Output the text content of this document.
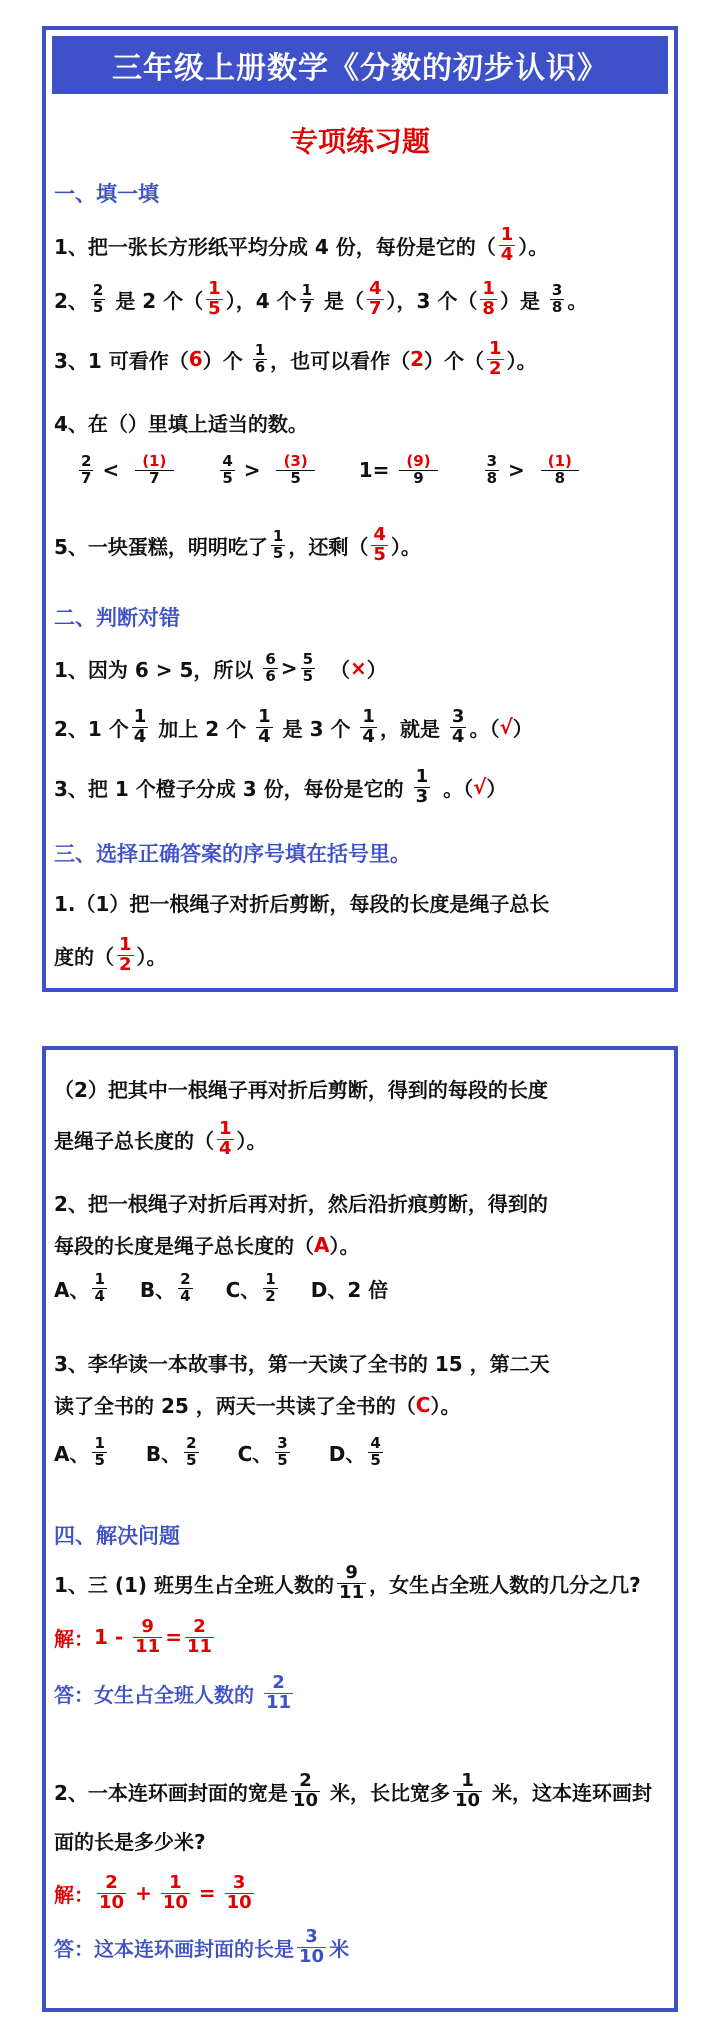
三年级上册数学《分数的初步认识》
专项练习题
一、填一填
1、把一张长方形纸平均分成 4 份，每份是它的（ $\frac{1}{4}$ ）。
2、 $\frac{2}{5}$ 是 2 个（ $\frac{1}{5}$ ），4 个 $\frac{1}{7}$ 是（ $\frac{4}{7}$ ），3 个（ $\frac{1}{8}$ ）是 $\frac{3}{8}$ 。
3、1 可看作（ 6 ）个 $\frac{1}{6}$ ，也可以看作（ 2 ）个（ $\frac{1}{2}$ ）。
4、在（）里填上适当的数。
$\frac{2}{7} < \frac{(1)}{7}$	$\frac{4}{5} > \frac{(3)}{5} 1= \frac{(9)}{9}$	$\frac{3}{8} > \frac{(1)}{8}$
5、一块蛋糕，明明吃了 $\frac{1}{5}$ ，还剩（ $\frac{4}{5}$ ）。
二、判断对错
1、因为 6 > 5，所以 $\frac{6}{6} > \frac{5}{5}$ （ × ）
2、1 个 $\frac{1}{4}$ 加上 2 个 $\frac{1}{4}$ 是 3 个 $\frac{1}{4}$ ，就是 $\frac{3}{4}$ 。（ √ ）
3、把 1 个橙子分成 3 份，每份是它的 $\frac{1}{3}$ 。（ √ ）
三、选择正确答案的序号填在括号里。
1.（1）把一根绳子对折后剪断，每段的长度是绳子总长
度的（ $\frac{1}{2}$ ）。
（2）把其中一根绳子再对折后剪断，得到的每段的长度
是绳子总长度的（ $\frac{1}{4}$ ）。
2、把一根绳子对折后再对折，然后沿折痕剪断，得到的
每段的长度是绳子总长度的（ A ）。
A、 $\frac{1}{4}$ B、 $\frac{2}{4}$ C、 $\frac{1}{2}$ D、2 倍
3、李华读一本故事书，第一天读了全书的 15 ，第二天
读了全书的 25 ，两天一共读了全书的（ C ）。
A、 $\frac{1}{5}$ B、 $\frac{2}{5}$ C、 $\frac{3}{5}$ D、 $\frac{4}{5}$
四、解决问题
1、三 (1) 班男生占全班人数的 $\frac{9}{11}$ ，女生占全班人数的几分之几?
解： $1 - \frac{9}{11} = \frac{2}{11}$
答：女生占全班人数的 $\frac{2}{11}$
2、一本连环画封面的宽是 $\frac{2}{10}$ 米，长比宽多 $\frac{1}{10}$ 米，这本连环画封
面的长是多少米?
解： $\frac{2}{10} + \frac{1}{10} = \frac{3}{10}$
答：这本连环画封面的长是 $\frac{3}{10}$ 米
